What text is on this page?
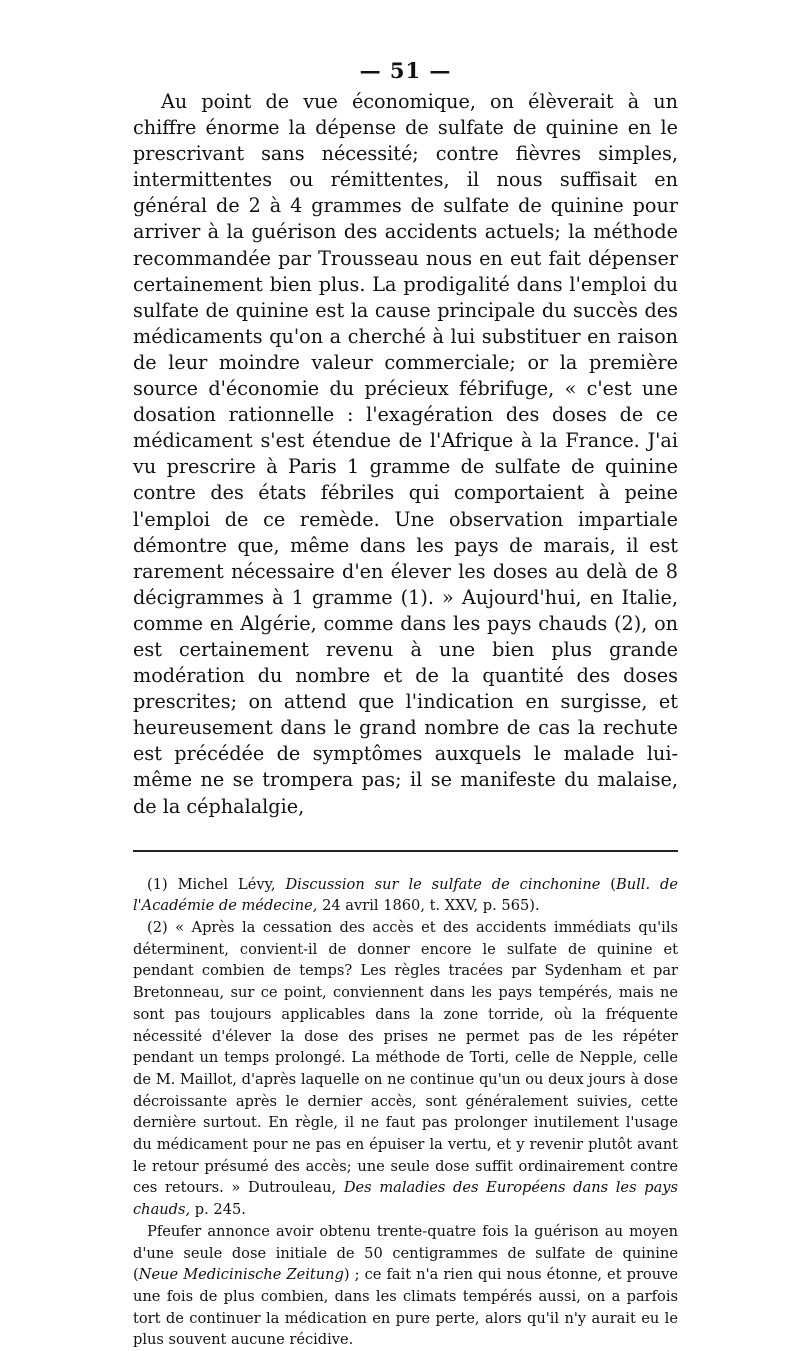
— 51 —

Au point de vue économique, on élèverait à un chiffre énorme la dépense de sulfate de quinine en le prescrivant sans nécessité; contre fièvres simples, intermittentes ou rémittentes, il nous suffisait en général de 2 à 4 grammes de sulfate de quinine pour arriver à la guérison des accidents actuels; la méthode recommandée par Trousseau nous en eut fait dépenser certainement bien plus. La prodigalité dans l'emploi du sulfate de quinine est la cause principale du succès des médicaments qu'on a cherché à lui substituer en raison de leur moindre valeur commerciale; or la première source d'économie du précieux fébrifuge, « c'est une dosation rationnelle : l'exagération des doses de ce médicament s'est étendue de l'Afrique à la France. J'ai vu prescrire à Paris 1 gramme de sulfate de quinine contre des états fébriles qui comportaient à peine l'emploi de ce remède. Une observation impartiale démontre que, même dans les pays de marais, il est rarement nécessaire d'en élever les doses au delà de 8 décigrammes à 1 gramme (1). » Aujourd'hui, en Italie, comme en Algérie, comme dans les pays chauds (2), on est certainement revenu à une bien plus grande modération du nombre et de la quantité des doses prescrites; on attend que l'indication en surgisse, et heureusement dans le grand nombre de cas la rechute est précédée de symptômes auxquels le malade lui-même ne se trompera pas; il se manifeste du malaise, de la céphalalgie,

(1) Michel Lévy, Discussion sur le sulfate de cinchonine (Bull. de l'Académie de médecine, 24 avril 1860, t. XXV, p. 565).

(2) « Après la cessation des accès et des accidents immédiats qu'ils déterminent, convient-il de donner encore le sulfate de quinine et pendant combien de temps? Les règles tracées par Sydenham et par Bretonneau, sur ce point, conviennent dans les pays tempérés, mais ne sont pas toujours applicables dans la zone torride, où la fréquente nécessité d'élever la dose des prises ne permet pas de les répéter pendant un temps prolongé. La méthode de Torti, celle de Nepple, celle de M. Maillot, d'après laquelle on ne continue qu'un ou deux jours à dose décroissante après le dernier accès, sont généralement suivies, cette dernière surtout. En règle, il ne faut pas prolonger inutilement l'usage du médicament pour ne pas en épuiser la vertu, et y revenir plutôt avant le retour présumé des accès; une seule dose suffit ordinairement contre ces retours. » Dutrouleau, Des maladies des Européens dans les pays chauds, p. 245.

Pfeufer annonce avoir obtenu trente-quatre fois la guérison au moyen d'une seule dose initiale de 50 centigrammes de sulfate de quinine (Neue Medicinische Zeitung) ; ce fait n'a rien qui nous étonne, et prouve une fois de plus combien, dans les climats tempérés aussi, on a parfois tort de continuer la médication en pure perte, alors qu'il n'y aurait eu le plus souvent aucune récidive.
